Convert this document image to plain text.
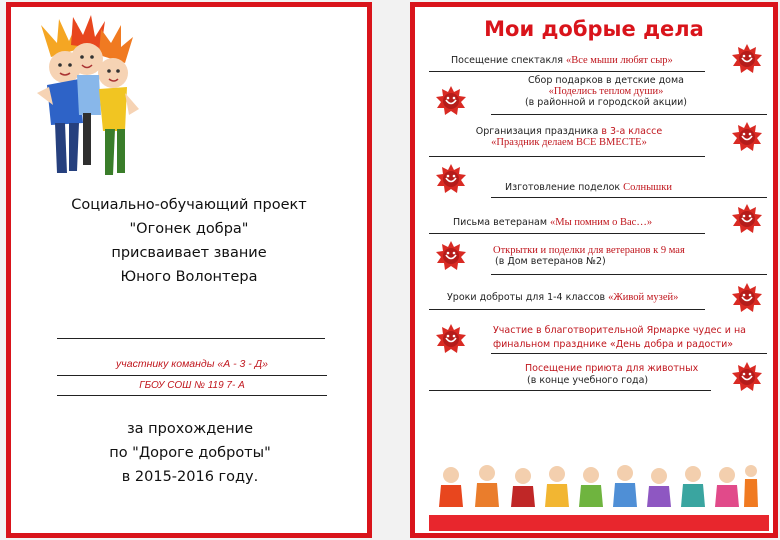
Социально-обучающий проект
"Огонек добра"
присваивает звание
Юного Волонтера
участнику команды «А - 3 - Д»
ГБОУ СОШ № 119 7- А
за прохождение
по "Дороге доброты"
в 2015-2016 году.
Мои добрые дела
Посещение спектакля «Все мыши любят сыр»
Сбор подарков в детские дома
«Поделись теплом души»
(в районной и городской акции)
Организация праздника в 3-а классе
«Праздник делаем ВСЕ ВМЕСТЕ»
Изготовление поделок Солнышки
Письма ветеранам «Мы помним о Вас…»
Открытки и поделки для ветеранов к 9 мая
(в Дом ветеранов №2)
Уроки доброты для 1-4 классов «Живой музей»
Участие в благотворительной Ярмарке чудес и на
финальном празднике «День добра и радости»
Посещение приюта для животных
(в конце учебного года)
